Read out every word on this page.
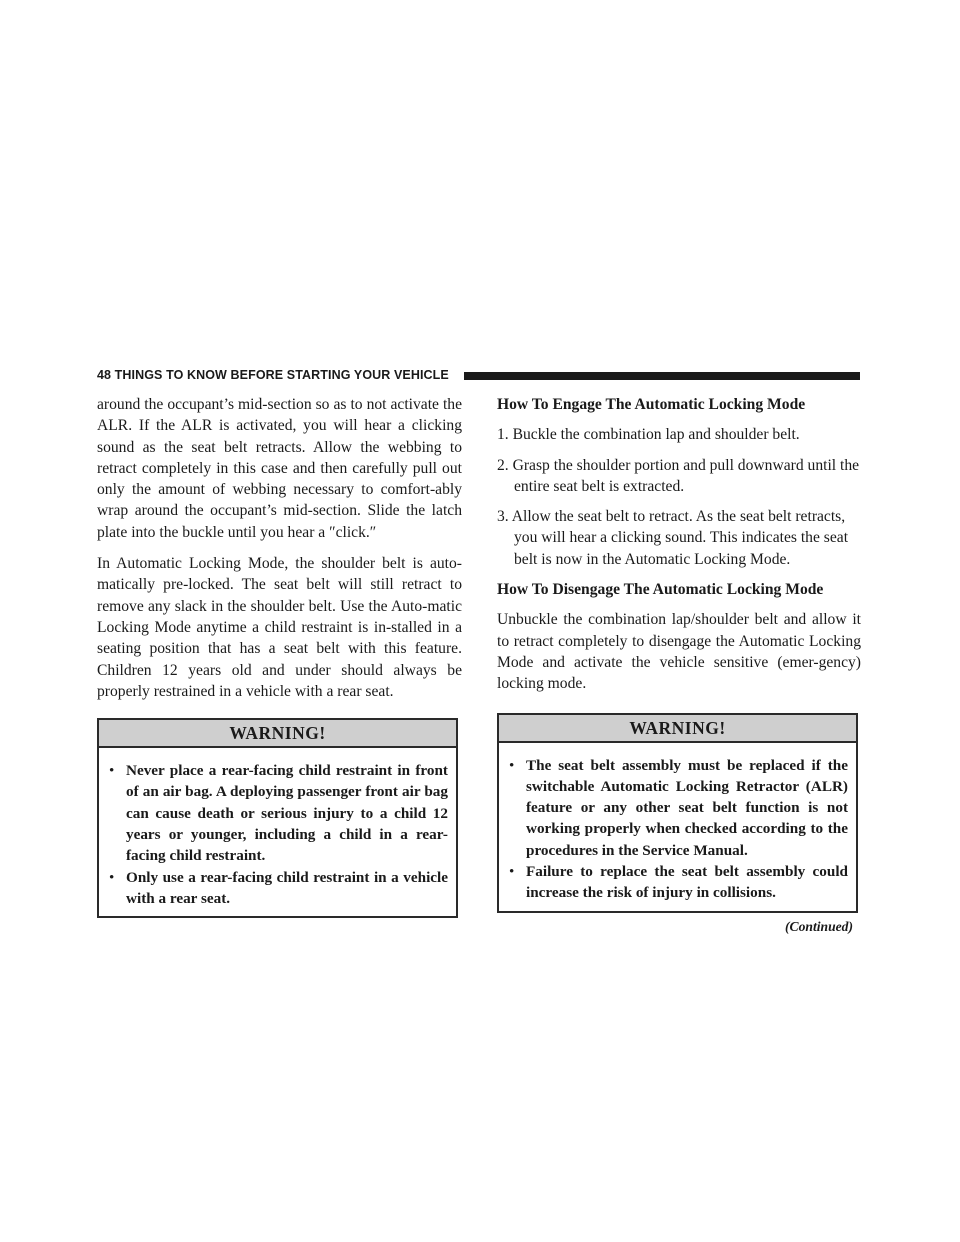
48 THINGS TO KNOW BEFORE STARTING YOUR VEHICLE

around the occupant’s mid-section so as to not activate the ALR. If the ALR is activated, you will hear a clicking sound as the seat belt retracts. Allow the webbing to retract completely in this case and then carefully pull out only the amount of webbing necessary to comfort-ably wrap around the occupant’s mid-section. Slide the latch plate into the buckle until you hear a ″click.″

In Automatic Locking Mode, the shoulder belt is auto-matically pre-locked. The seat belt will still retract to remove any slack in the shoulder belt. Use the Auto-matic Locking Mode anytime a child restraint is in-stalled in a seating position that has a seat belt with this feature. Children 12 years old and under should always be properly restrained in a vehicle with a rear seat.

WARNING!
• Never place a rear-facing child restraint in front of an air bag. A deploying passenger front air bag can cause death or serious injury to a child 12 years or younger, including a child in a rear-facing child restraint.
• Only use a rear-facing child restraint in a vehicle with a rear seat.
How To Engage The Automatic Locking Mode
1. Buckle the combination lap and shoulder belt.
2. Grasp the shoulder portion and pull downward until the entire seat belt is extracted.
3. Allow the seat belt to retract. As the seat belt retracts, you will hear a clicking sound. This indicates the seat belt is now in the Automatic Locking Mode.
How To Disengage The Automatic Locking Mode

Unbuckle the combination lap/shoulder belt and allow it to retract completely to disengage the Automatic Locking Mode and activate the vehicle sensitive (emer-gency) locking mode.

WARNING!
• The seat belt assembly must be replaced if the switchable Automatic Locking Retractor (ALR) feature or any other seat belt function is not working properly when checked according to the procedures in the Service Manual.
• Failure to replace the seat belt assembly could increase the risk of injury in collisions.
(Continued)
